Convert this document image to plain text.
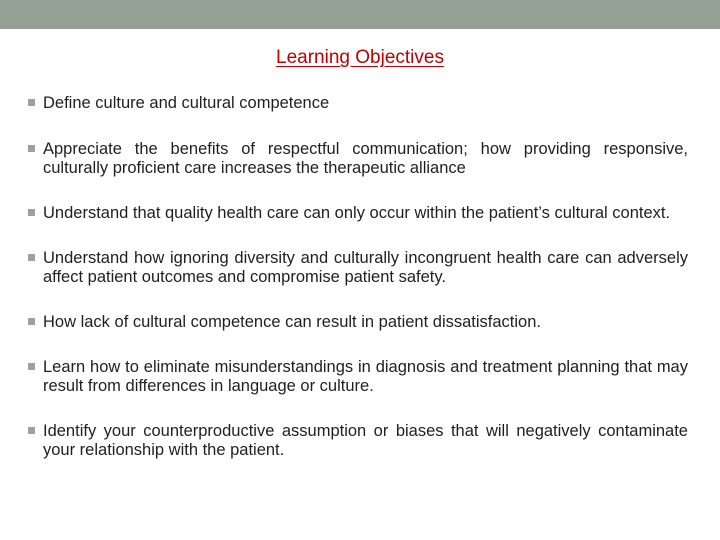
Learning Objectives
Define culture and cultural competence
Appreciate the benefits of respectful communication; how providing responsive, culturally proficient care increases the therapeutic alliance
Understand that quality health care can only occur within the patient’s cultural context.
Understand how ignoring diversity and culturally incongruent health care can adversely affect patient outcomes and compromise patient safety.
How lack of cultural competence can result in patient dissatisfaction.
Learn how to eliminate misunderstandings in diagnosis and treatment planning that may result from differences in language or culture.
Identify your counterproductive assumption or biases that will negatively contaminate your relationship with the patient.
